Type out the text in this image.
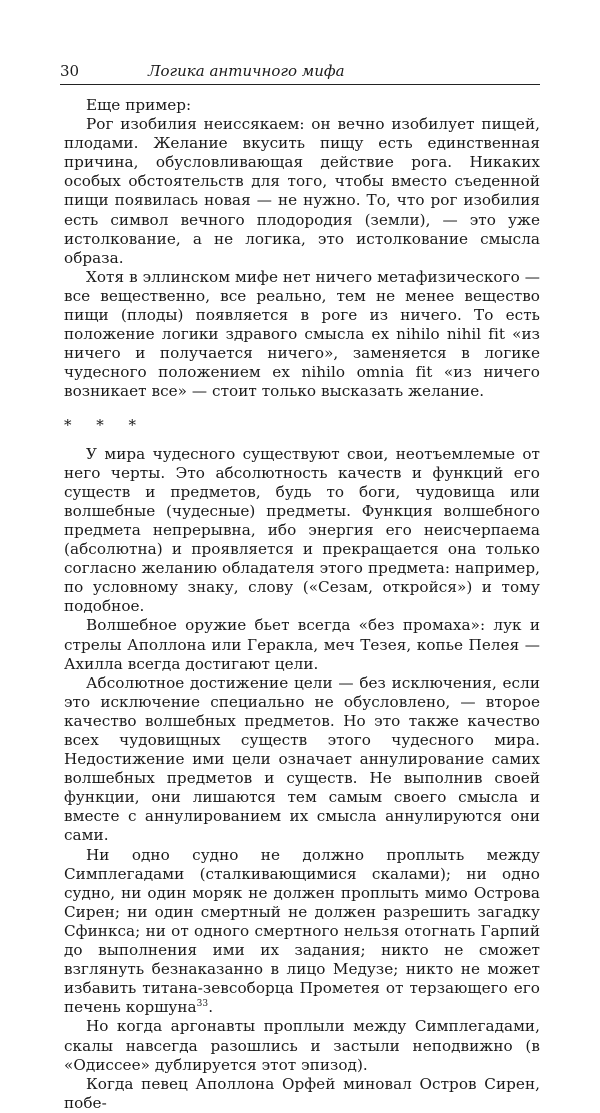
30	Логика античного мифа

Еще пример:

Рог изобилия неиссякаем: он вечно изобилует пищей, плодами. Желание вкусить пищу есть единственная причина, обусловливающая действие рога. Никаких особых обстоятельств для того, чтобы вместо съеденной пищи появилась новая — не нужно. То, что рог изобилия есть символ вечного плодородия (земли), — это уже истолкование, а не логика, это истолкование смысла образа.

Хотя в эллинском мифе нет ничего метафизического — все вещественно, все реально, тем не менее вещество пищи (плоды) появляется в роге из ничего. То есть положение логики здравого смысла ex nihilo nihil fit «из ничего и получается ничего», заменяется в логике чудесного положением ex nihilo omnia fit «из ничего возникает все» — стоит только высказать желание.

* * *

У мира чудесного существуют свои, неотъемлемые от него черты. Это абсолютность качеств и функций его существ и предметов, будь то боги, чудовища или волшебные (чудесные) предметы. Функция волшебного предмета непрерывна, ибо энергия его неисчерпаема (абсолютна) и проявляется и прекращается она только согласно желанию обладателя этого предмета: например, по условному знаку, слову («Сезам, откройся») и тому подобное.

Волшебное оружие бьет всегда «без промаха»: лук и стрелы Аполлона или Геракла, меч Тезея, копье Пелея — Ахилла всегда достигают цели.

Абсолютное достижение цели — без исключения, если это исключение специально не обусловлено, — второе качество волшебных предметов. Но это также качество всех чудовищных существ этого чудесного мира. Недостижение ими цели означает аннулирование самих волшебных предметов и существ. Не выполнив своей функции, они лишаются тем самым своего смысла и вместе с аннулированием их смысла аннулируются они сами.

Ни одно судно не должно проплыть между Симплегадами (сталкивающимися скалами); ни одно судно, ни один моряк не должен проплыть мимо Острова Сирен; ни один смертный не должен разрешить загадку Сфинкса; ни от одного смертного нельзя отогнать Гарпий до выполнения ими их задания; никто не сможет взглянуть безнаказанно в лицо Медузе; никто не может избавить титана-зевсоборца Прометея от терзающего его печень коршуна$^{33}$.

Но когда аргонавты проплыли между Симплегадами, скалы навсегда разошлись и застыли неподвижно (в «Одиссее» дублируется этот эпизод).

Когда певец Аполлона Орфей миновал Остров Сирен, побе-
